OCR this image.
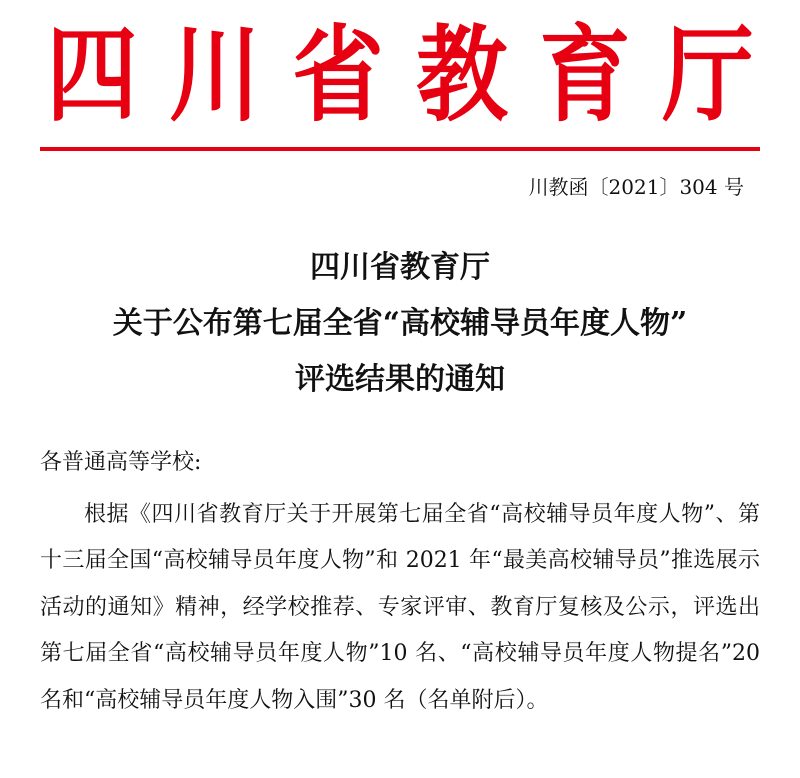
四 川 省 教 育 厅
川教函〔2021〕304 号
四川省教育厅
关于公布第七届全省“高校辅导员年度人物”
评选结果的通知
各普通高等学校:

根据《四川省教育厅关于开展第七届全省“高校辅导员年度人物”、第十三届全国“高校辅导员年度人物”和 2021 年“最美高校辅导员”推选展示活动的通知》精神，经学校推荐、专家评审、教育厅复核及公示，评选出第七届全省“高校辅导员年度人物”10 名、“高校辅导员年度人物提名”20 名和“高校辅导员年度人物入围”30 名（名单附后）。
